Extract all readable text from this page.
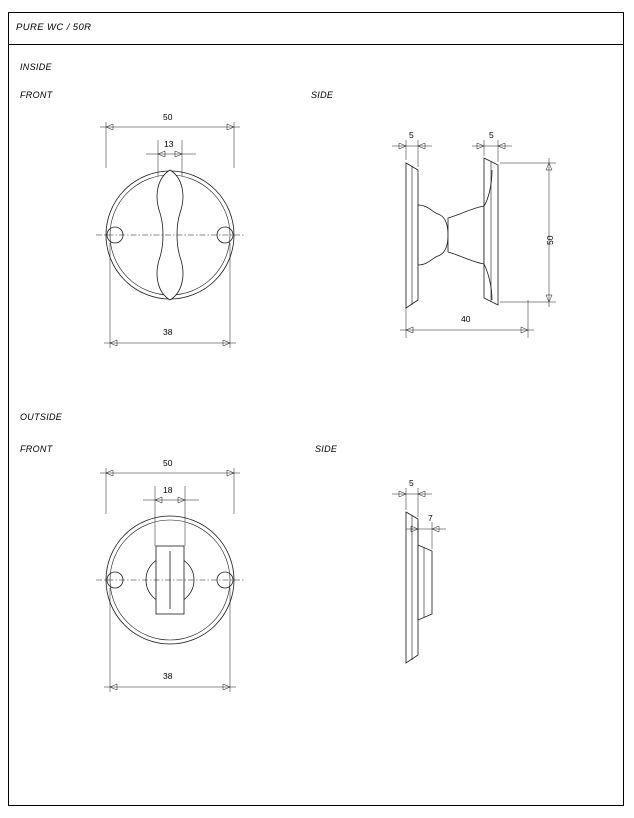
PURE WC / 50R
INSIDE
FRONT	SIDE
OUTSIDE
FRONT	SIDE
50
13
38
5	5
50
40
50
18
38
5
7
